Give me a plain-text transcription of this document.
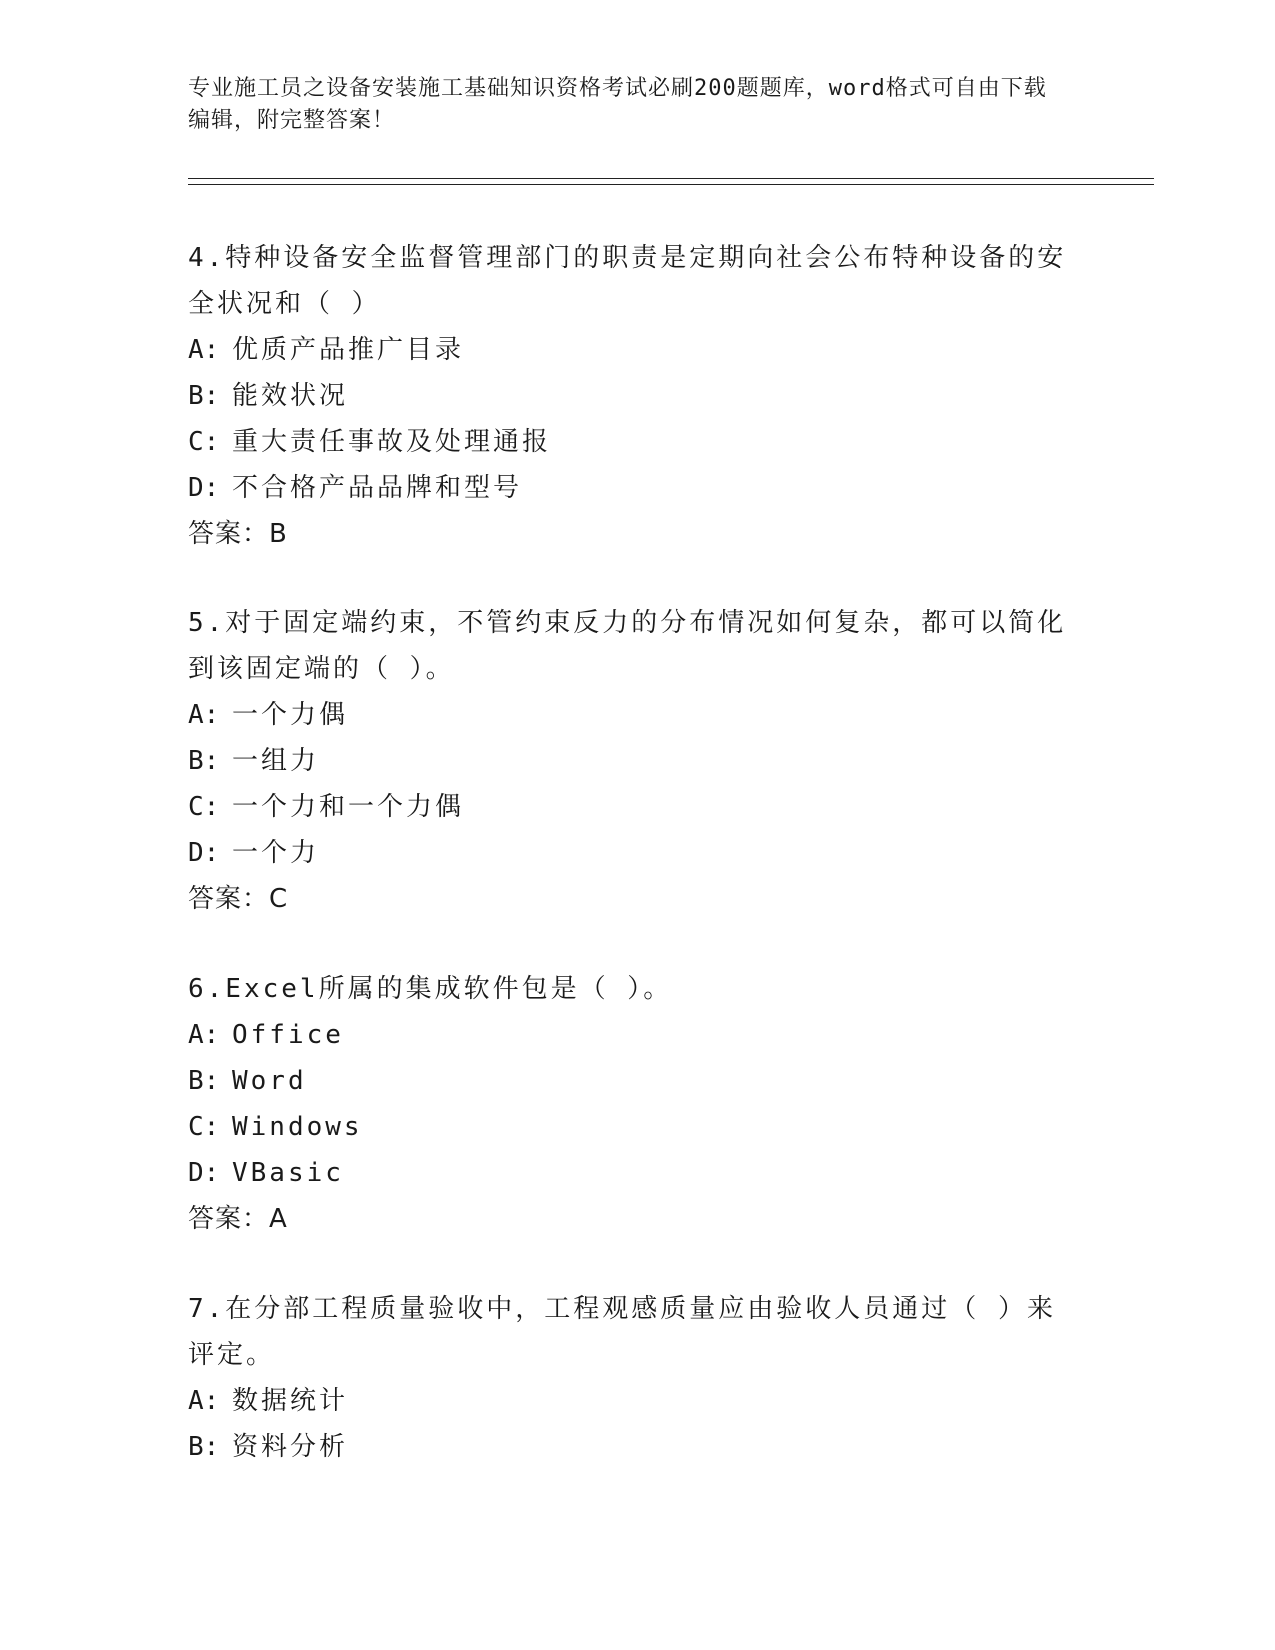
专业施工员之设备安装施工基础知识资格考试必刷200题题库，word格式可自由下载编辑，附完整答案！

4.特种设备安全监督管理部门的职责是定期向社会公布特种设备的安全状况和（ ）

A: 优质产品推广目录
B: 能效状况
C: 重大责任事故及处理通报
D: 不合格产品品牌和型号
答案：B

5.对于固定端约束，不管约束反力的分布情况如何复杂，都可以简化到该固定端的（ ）。

A: 一个力偶
B: 一组力
C: 一个力和一个力偶
D: 一个力
答案：C

6.Excel所属的集成软件包是（ ）。

A: Office
B: Word
C: Windows
D: VBasic
答案：A

7.在分部工程质量验收中，工程观感质量应由验收人员通过（ ）来评定。

A: 数据统计
B: 资料分析
